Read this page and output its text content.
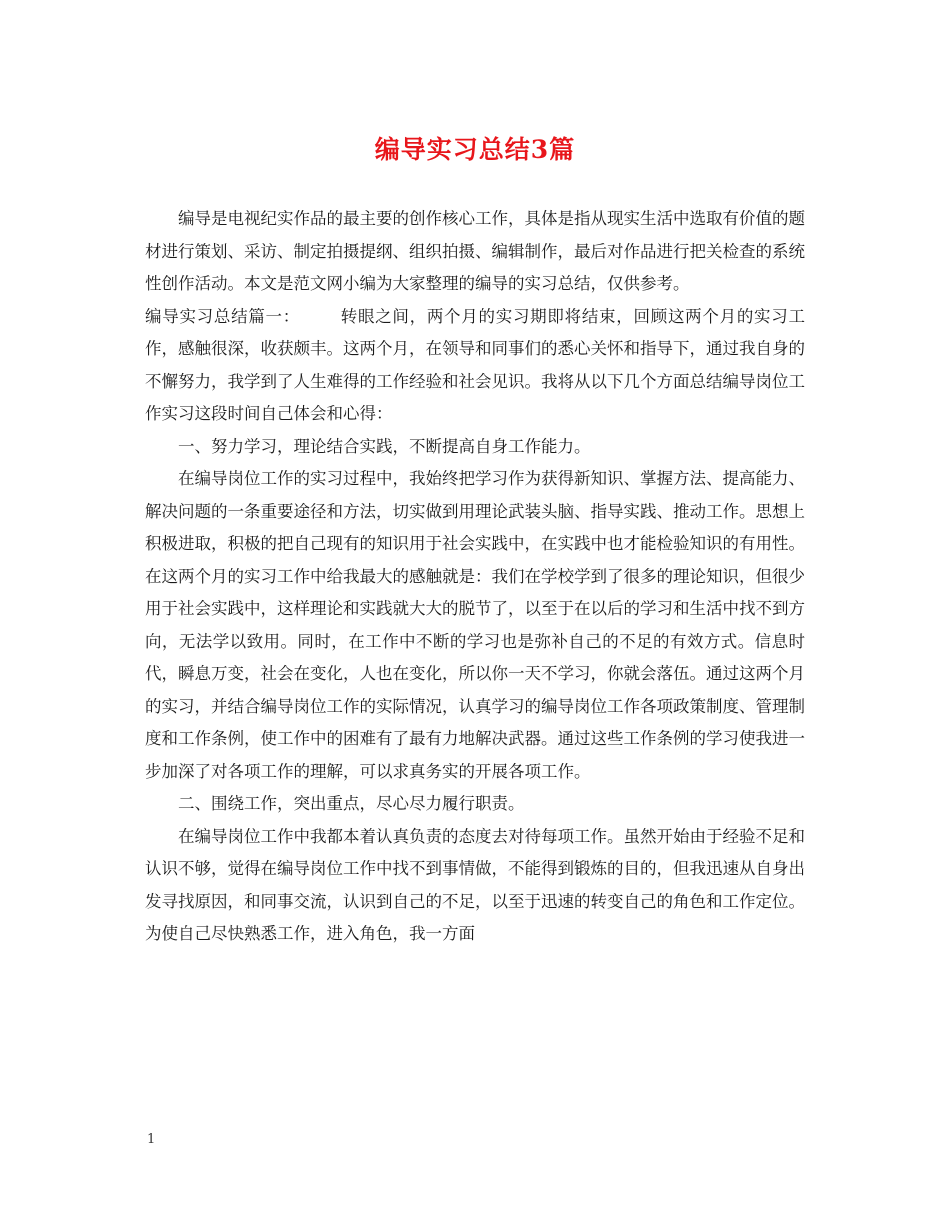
编导实习总结3篇

编导是电视纪实作品的最主要的创作核心工作，具体是指从现实生活中选取有价值的题材进行策划、采访、制定拍摄提纲、组织拍摄、编辑制作，最后对作品进行把关检查的系统性创作活动。本文是范文网小编为大家整理的编导的实习总结，仅供参考。

编导实习总结篇一： 转眼之间，两个月的实习期即将结束，回顾这两个月的实习工作，感触很深，收获颇丰。这两个月，在领导和同事们的悉心关怀和指导下，通过我自身的不懈努力，我学到了人生难得的工作经验和社会见识。我将从以下几个方面总结编导岗位工作实习这段时间自己体会和心得：

一、努力学习，理论结合实践，不断提高自身工作能力。

在编导岗位工作的实习过程中，我始终把学习作为获得新知识、掌握方法、提高能力、解决问题的一条重要途径和方法，切实做到用理论武装头脑、指导实践、推动工作。思想上积极进取，积极的把自己现有的知识用于社会实践中，在实践中也才能检验知识的有用性。在这两个月的实习工作中给我最大的感触就是：我们在学校学到了很多的理论知识，但很少用于社会实践中，这样理论和实践就大大的脱节了，以至于在以后的学习和生活中找不到方向，无法学以致用。同时，在工作中不断的学习也是弥补自己的不足的有效方式。信息时代，瞬息万变，社会在变化，人也在变化，所以你一天不学习，你就会落伍。通过这两个月的实习，并结合编导岗位工作的实际情况，认真学习的编导岗位工作各项政策制度、管理制度和工作条例，使工作中的困难有了最有力地解决武器。通过这些工作条例的学习使我进一步加深了对各项工作的理解，可以求真务实的开展各项工作。

二、围绕工作，突出重点，尽心尽力履行职责。

在编导岗位工作中我都本着认真负责的态度去对待每项工作。虽然开始由于经验不足和认识不够，觉得在编导岗位工作中找不到事情做，不能得到锻炼的目的，但我迅速从自身出发寻找原因，和同事交流，认识到自己的不足，以至于迅速的转变自己的角色和工作定位。为使自己尽快熟悉工作，进入角色，我一方面

1
